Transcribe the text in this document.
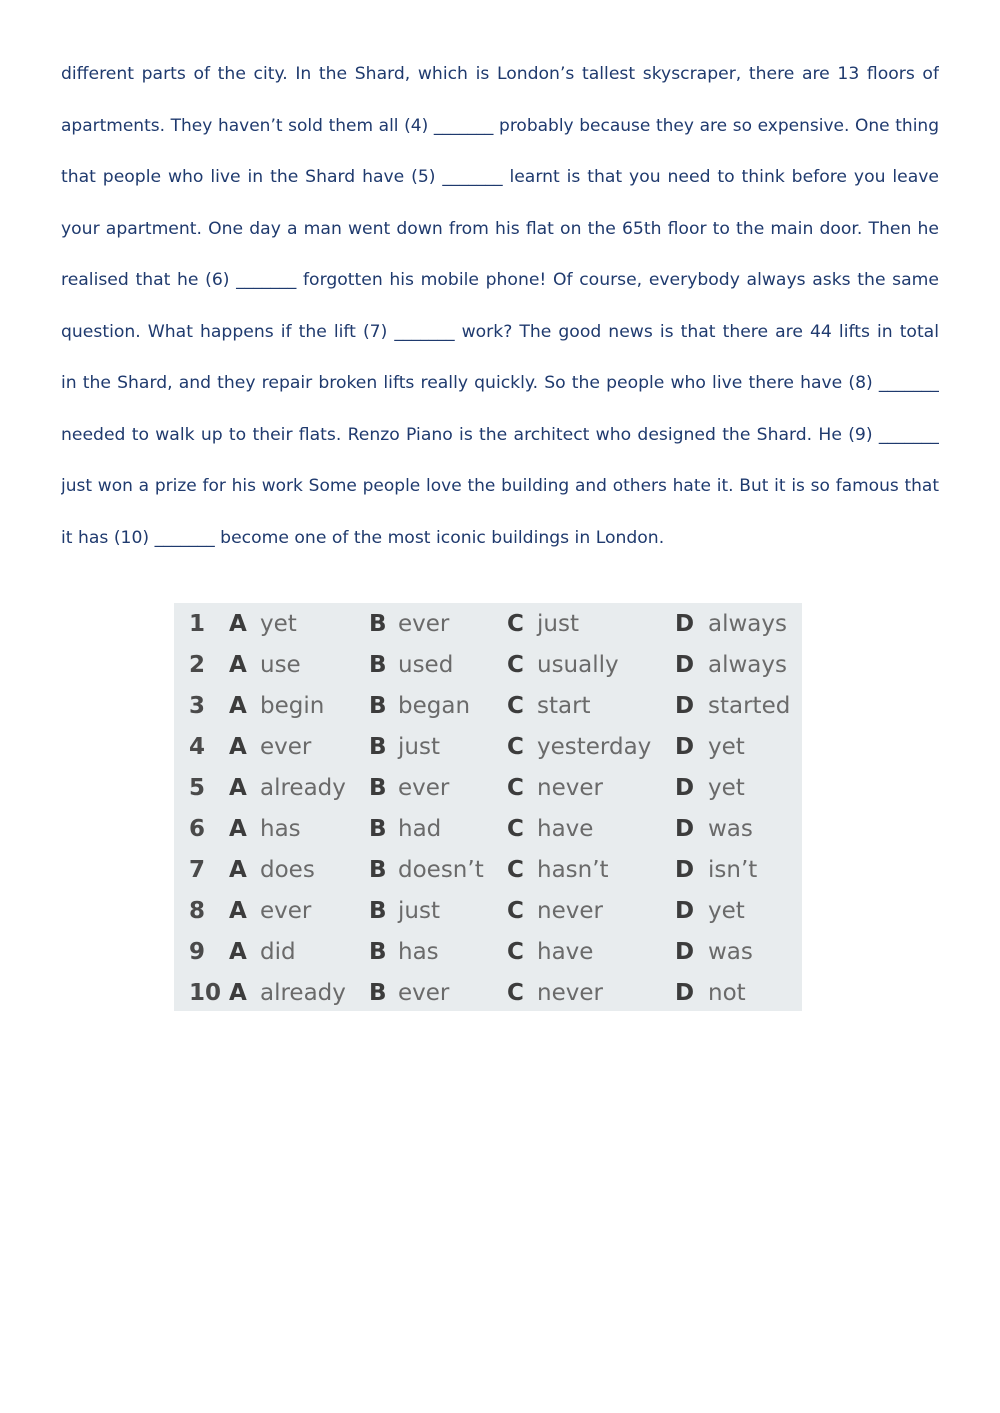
different parts of the city. In the Shard, which is London’s tallest skyscraper, there are 13 floors of
apartments. They haven’t sold them all (4) _______ probably because they are so expensive. One thing
that people who live in the Shard have (5) _______ learnt is that you need to think before you leave
your apartment. One day a man went down from his flat on the 65th floor to the main door. Then he
realised that he (6) _______ forgotten his mobile phone! Of course, everybody always asks the same
question. What happens if the lift (7) _______ work? The good news is that there are 44 lifts in total
in the Shard, and they repair broken lifts really quickly. So the people who live there have (8) _______
needed to walk up to their flats. Renzo Piano is the architect who designed the Shard. He (9) _______
just won a prize for his work Some people love the building and others hate it. But it is so famous that
it has (10) _______ become one of the most iconic buildings in London.
1 A yet	B ever	C just	D always
2 A use	B used C usually D always
3 A begin B began C start	D started
4 A ever	B just	C yesterday D yet
5 A already B ever	C never	D yet
6 A has	B had	C have	D was
7 A does B doesn’t C hasn’t	D isn’t
8 A ever	B just	C never	D yet
9 A did	B has	C have	D was
10 A already B ever	C never	D not
